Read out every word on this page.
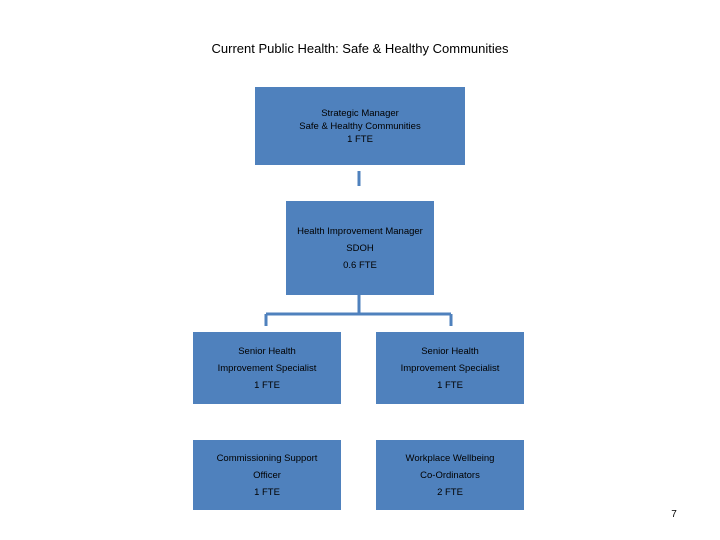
Current Public Health: Safe & Healthy Communities
Strategic Manager
Safe & Healthy Communities
1 FTE
Health Improvement Manager
SDOH
0.6 FTE
Senior Health
Improvement Specialist
1 FTE
Senior Health
Improvement Specialist
1 FTE
Commissioning Support
Officer
1 FTE
Workplace Wellbeing
Co-Ordinators
2 FTE
7
